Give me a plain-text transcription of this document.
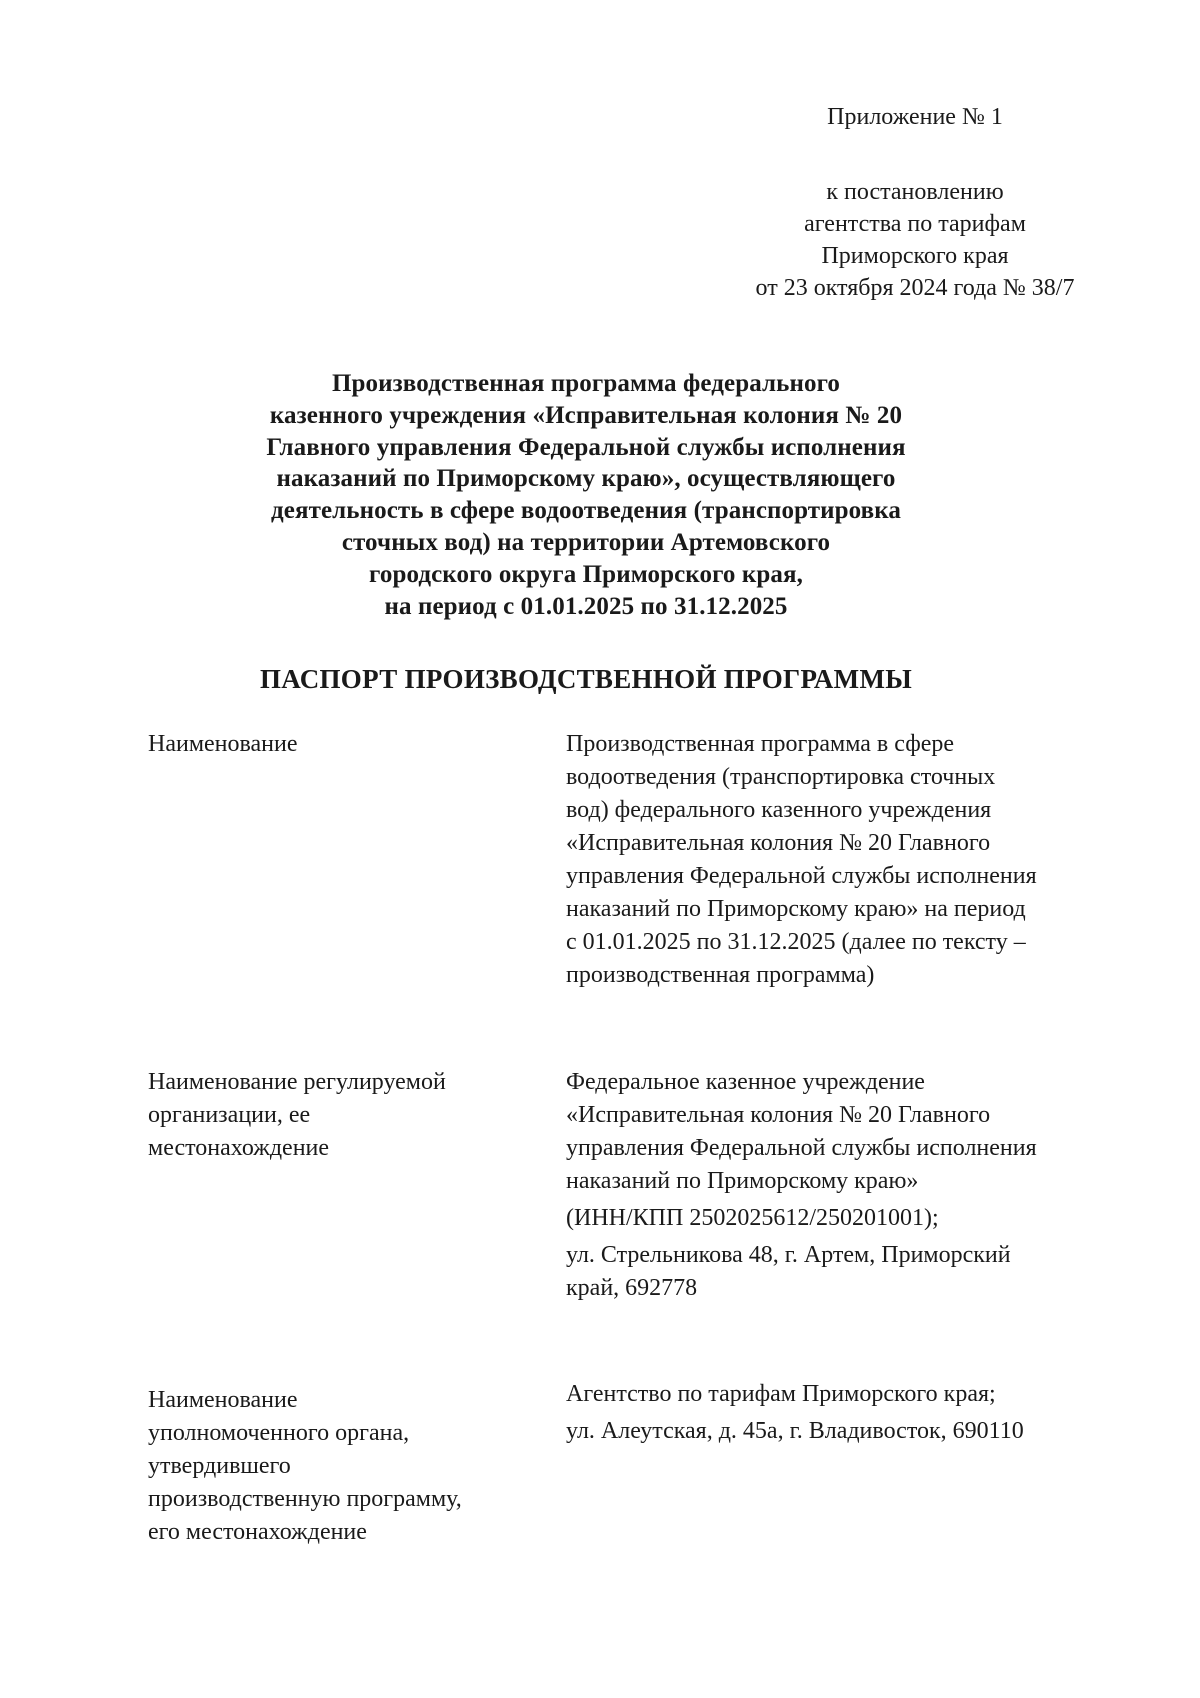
Приложение № 1
к постановлению
агентства по тарифам
Приморского края
от 23 октября 2024 года № 38/7
Производственная программа федерального
казенного учреждения «Исправительная колония № 20
Главного управления Федеральной службы исполнения
наказаний по Приморскому краю», осуществляющего
деятельность в сфере водоотведения (транспортировка
сточных вод) на территории Артемовского
городского округа Приморского края,
на период с 01.01.2025 по 31.12.2025
ПАСПОРТ ПРОИЗВОДСТВЕННОЙ ПРОГРАММЫ
Наименование	Производственная программа в сфере
водоотведения (транспортировка сточных
вод) федерального казенного учреждения
«Исправительная колония № 20 Главного
управления Федеральной службы исполнения
наказаний по Приморскому краю» на период
с 01.01.2025 по 31.12.2025 (далее по тексту –
производственная программа)
Наименование регулируемой
организации, ее
местонахождение
Федеральное казенное учреждение
«Исправительная колония № 20 Главного
управления Федеральной службы исполнения
наказаний по Приморскому краю»
(ИНН/КПП 2502025612/250201001);
ул. Стрельникова 48, г. Артем, Приморский
край, 692778
Наименование
уполномоченного органа,
утвердившего
производственную программу,
его местонахождение
Агентство по тарифам Приморского края;
ул. Алеутская, д. 45а, г. Владивосток, 690110
